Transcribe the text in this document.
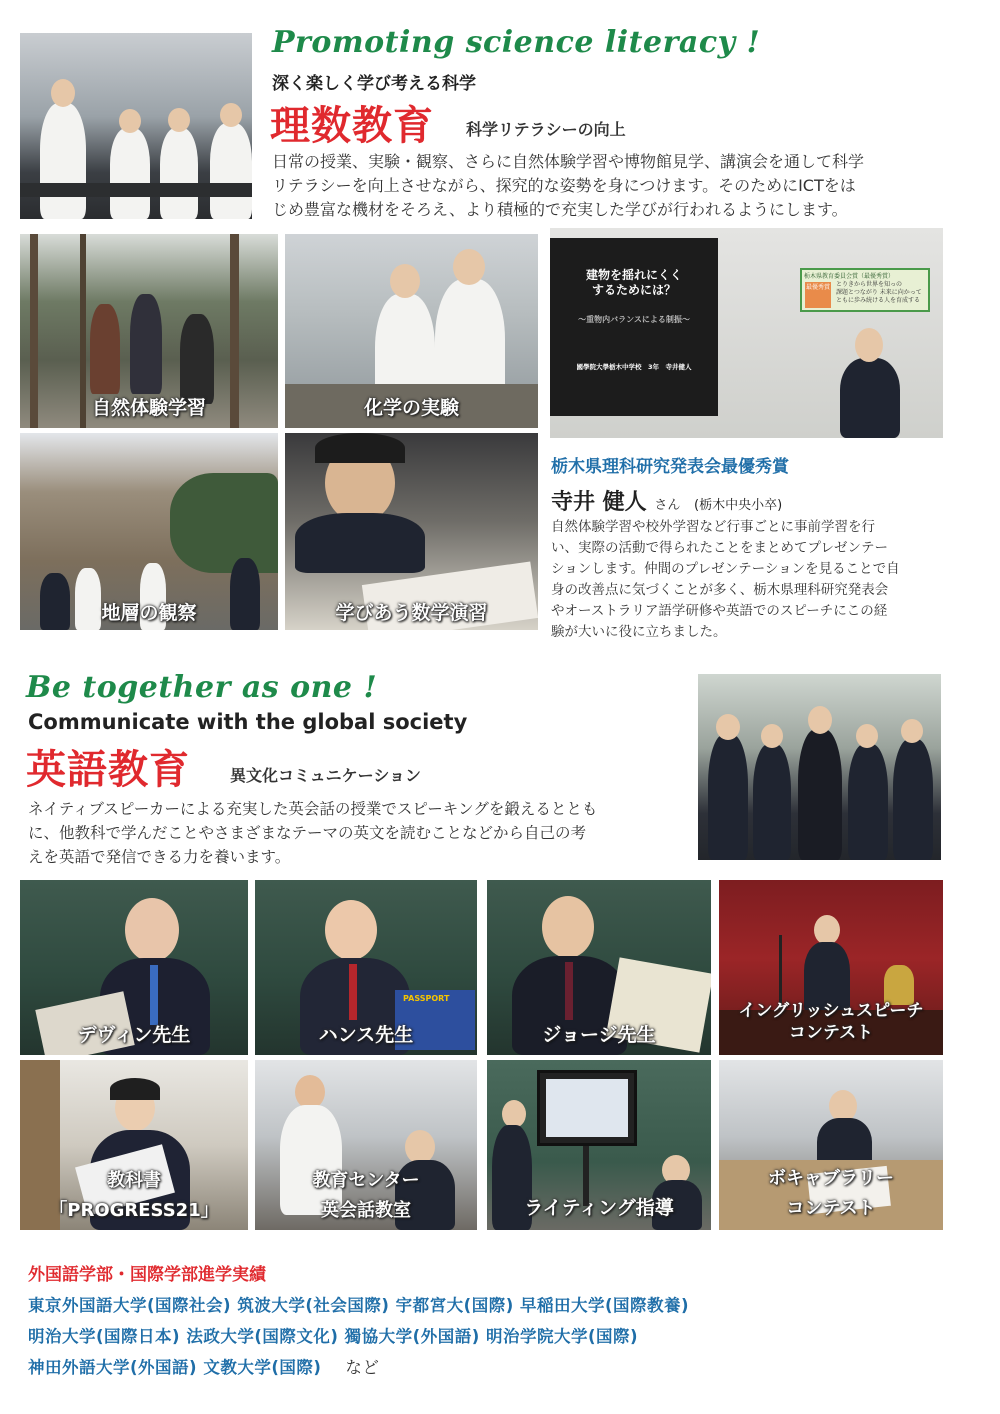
Promoting science literacy !
深く楽しく学び考える科学
理数教育 科学リテラシーの向上
日常の授業、実験・観察、さらに自然体験学習や博物館見学、講演会を通して科学
リテラシーを向上させながら、探究的な姿勢を身につけます。そのためにICTをは
じめ豊富な機材をそろえ、より積極的で充実した学びが行われるようにします。
自然体験学習	化学の実験
建物を揺れにくく
するためには？
～重物内バランスによる制振～
國學院大學栃木中学校　3年　寺井健人
栃木県教育委員会賞（最優秀賞）
最優秀賞 とりきから世界を知っの
課題とつながり 未来に向かって
ともに歩み続ける人を育成する
地層の観察	学びあう数学演習
栃木県理科研究発表会最優秀賞
寺井 健人 さん (栃木中央小卒)
自然体験学習や校外学習など行事ごとに事前学習を行
い、実際の活動で得られたことをまとめてプレゼンテー
ションします。仲間のプレゼンテーションを見ることで自
身の改善点に気づくことが多く、栃木県理科研究発表会
やオーストラリア語学研修や英語でのスピーチにこの経
験が大いに役に立ちました。
Be together as one !
Communicate with the global society
英語教育	異文化コミュニケーション
ネイティブスピーカーによる充実した英会話の授業でスピーキングを鍛えるととも
に、他教科で学んだことやさまざまなテーマの英文を読むことなどから自己の考
えを英語で発信できる力を養います。
デヴィン先生
PASSPORT
ハンス先生	ジョージ先生
イングリッシュスピーチ
コンテスト
教科書
「PROGRESS21」
教育センター
英会話教室	ライティング指導
ボキャブラリー
コンテスト
外国語学部・国際学部進学実績
東京外国語大学(国際社会) 筑波大学(社会国際) 宇都宮大(国際) 早稲田大学(国際教養)
明治大学(国際日本) 法政大学(国際文化) 獨協大学(外国語) 明治学院大学(国際)
神田外語大学(外国語) 文教大学(国際) など
